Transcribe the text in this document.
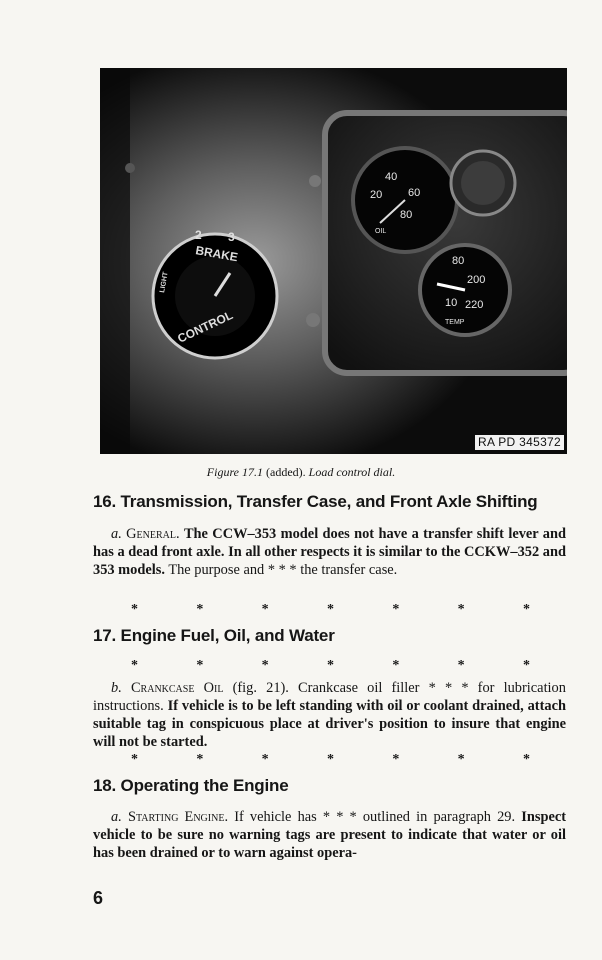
40
60
20
80
OIL
80
200
10 220
TEMP
BRAKE
2 3
CONTROL
LIGHT
RA PD 345372
Figure 17.1 (added). Load control dial.
16. Transmission, Transfer Case, and Front Axle Shifting

a. General. The CCW–353 model does not have a transfer shift lever and has a dead front axle. In all other respects it is similar to the CCKW–352 and 353 models. The purpose and * * * the transfer case.

*	*	*	*	*	*	*
17. Engine Fuel, Oil, and Water
*	*	*	*	*	*	*

b. Crankcase Oil (fig. 21). Crankcase oil filler * * * for lubrication instructions. If vehicle is to be left standing with oil or coolant drained, attach suitable tag in conspicuous place at driver's position to insure that engine will not be started.

*	*	*	*	*	*	*
18. Operating the Engine

a. Starting Engine. If vehicle has * * * outlined in paragraph 29. Inspect vehicle to be sure no warning tags are present to indicate that water or oil has been drained or to warn against opera-

6
